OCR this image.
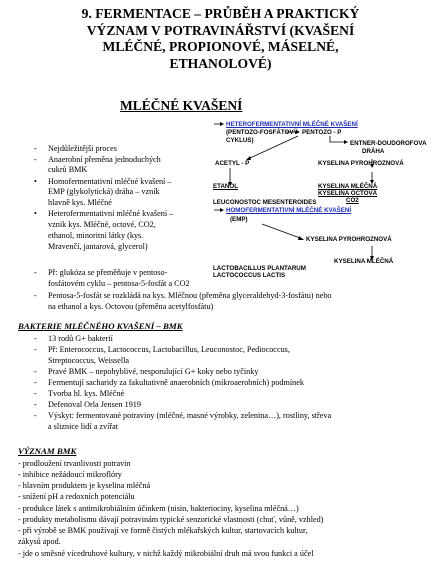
9. FERMENTACE – PRŮBĚH A PRAKTICKÝ
VÝZNAM V POTRAVINÁŘSTVÍ (KVAŠENÍ
MLÉČNÉ, PROPIONOVÉ, MÁSELNÉ,
ETHANOLOVÉ)
MLÉČNÉ KVAŠENÍ
- Nejdůležitější proces
- Anaerobní přeměna jednoduchých
cukrů BMK
• Homofermentativní mléčné kvašení –
EMP (glykolytická) dráha – vzník
hlavně kys. Mléčné
• Heterofermentativní mléčné kvašení –
vznik kys. Mléčné, octové, CO2,
ethanol, minoritní látky (kys.
Mravenčí, jantarová, glycerol)
HETEROFERMENTATIVNÍ MLÉČNÉ KVAŠENÍ
(PENTOZO-FOSFÁTOVÝ
CYKLUS)
PENTOZO - P
ENTNER-DOUDOROFOVA
DRÁHA
ACETYL - P	KYSELINA PYROHROZNOVÁ
ETANOL	KYSELINA MLÉČNÁ
KYSELINA OCTOVÁ
CO2
LEUCONOSTOC MESENTEROIDES
HOMOFERMENTATIVNÍ MLÉČNÉ KVAŠENÍ
(EMP)
KYSELINA PYROHROZNOVÁ
KYSELINA MLÉČNÁ
LACTOBACILLUS PLANTARUM
LACTOCOCCUS LACTIS
- Př: glukóza se přeměňuje v pentoso-
fosfátovém cyklu – pentosa-5-fosfát a CO2
- Pentosa-5-fosfát se rozkládá na kys. Mléčnou (přeměna glyceraldehyd-3-fosfátu) nebo
na ethanol a kys. Octovou (přeměna acetylfosfátu)
BAKTERIE MLÉČNÉHO KVAŠENÍ – BMK
- 13 rodů G+ bakterií
- Př: Enterococcus, Lactococcus, Lactobacillus, Leuconostoc, Pediococcus,
Streptococcus, Weissella
- Pravé BMK – nepohyblivé, nesporulující G+ koky nebo tyčinky
- Fermentují sacharidy za fakultativně anaerobních (mikroaerobních) podmínek
- Tvorba hl. kys. Mléčné
- Defenoval Orla Jensen 1919
- Výskyt: fermentované potraviny (mléčné, masné výrobky, zelenina…), rostliny, střeva
a sliznice lidí a zvířat
VÝZNAM BMK
- prodloužení trvanlivosti potravin
- inhibice nežádoucí mikroflóry
- hlavním produktem je kyselina mléčná
- snížení pH a redoxních potenciálu
- produkce látek s antimikrobiálním účinkem (nisin, bakteriociny, kyselina mléčná…)
- produkty metabolismu dávají potravinám typické senzorické vlastnosti (chuť, vůně, vzhled)
- při výrobě se BMK používají ve formě čistých mlékařských kultur, startovacích kultur,
zákysů apod.
- jde o směsné vícedruhové kultury, v nichž každý mikrobiální druh má svou funkci a účel
